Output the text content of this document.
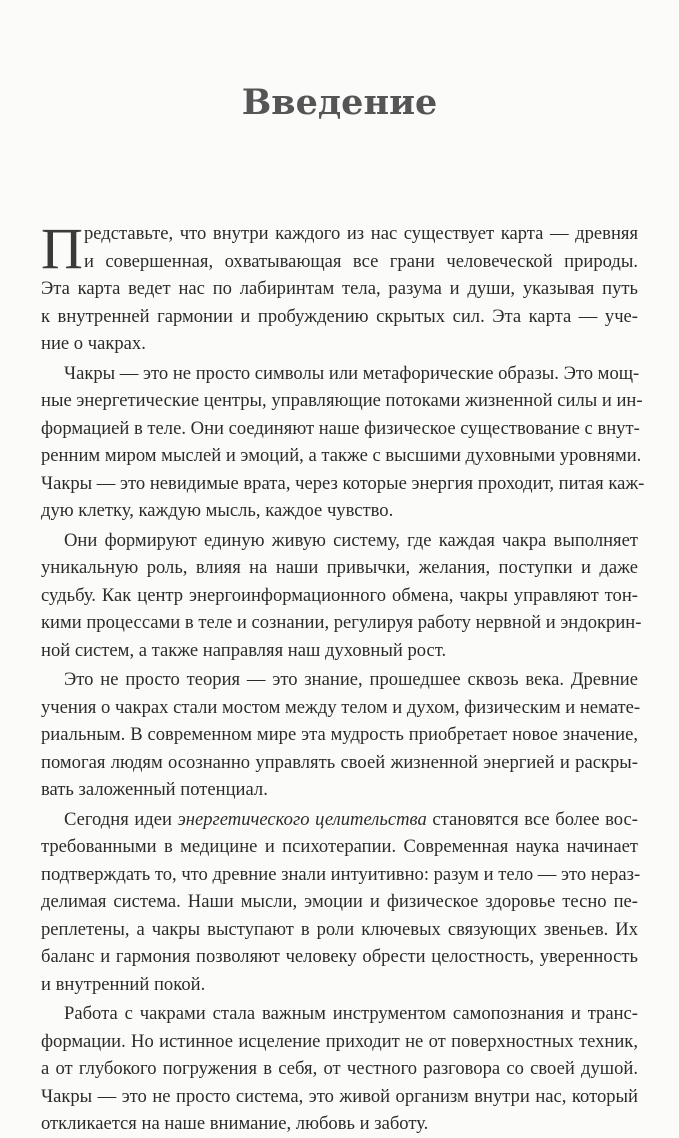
Введение
П редставьте, что внутри каждого из нас существует карта — древняя
и совершенная, охватывающая все грани человеческой природы.
Эта карта ведет нас по лабиринтам тела, разума и души, указывая путь
к внутренней гармонии и пробуждению скрытых сил. Эта карта — уче-
ние о чакрах.
Чакры — это не просто символы или метафорические образы. Это мощ-
ные энергетические центры, управляющие потоками жизненной силы и ин-
формацией в теле. Они соединяют наше физическое существование с внут-
ренним миром мыслей и эмоций, а также с высшими духовными уровнями.
Чакры — это невидимые врата, через которые энергия проходит, питая каж-
дую клетку, каждую мысль, каждое чувство.
Они формируют единую живую систему, где каждая чакра выполняет
уникальную роль, влияя на наши привычки, желания, поступки и даже
судьбу. Как центр энергоинформационного обмена, чакры управляют тон-
кими процессами в теле и сознании, регулируя работу нервной и эндокрин-
ной систем, а также направляя наш духовный рост.
Это не просто теория — это знание, прошедшее сквозь века. Древние
учения о чакрах стали мостом между телом и духом, физическим и немате-
риальным. В современном мире эта мудрость приобретает новое значение,
помогая людям осознанно управлять своей жизненной энергией и раскры-
вать заложенный потенциал.
Сегодня идеи энергетического целительства становятся все более вос-
требованными в медицине и психотерапии. Современная наука начинает
подтверждать то, что древние знали интуитивно: разум и тело — это нераз-
делимая система. Наши мысли, эмоции и физическое здоровье тесно пе-
реплетены, а чакры выступают в роли ключевых связующих звеньев. Их
баланс и гармония позволяют человеку обрести целостность, уверенность
и внутренний покой.
Работа с чакрами стала важным инструментом самопознания и транс-
формации. Но истинное исцеление приходит не от поверхностных техник,
а от глубокого погружения в себя, от честного разговора со своей душой.
Чакры — это не просто система, это живой организм внутри нас, который
откликается на наше внимание, любовь и заботу.
